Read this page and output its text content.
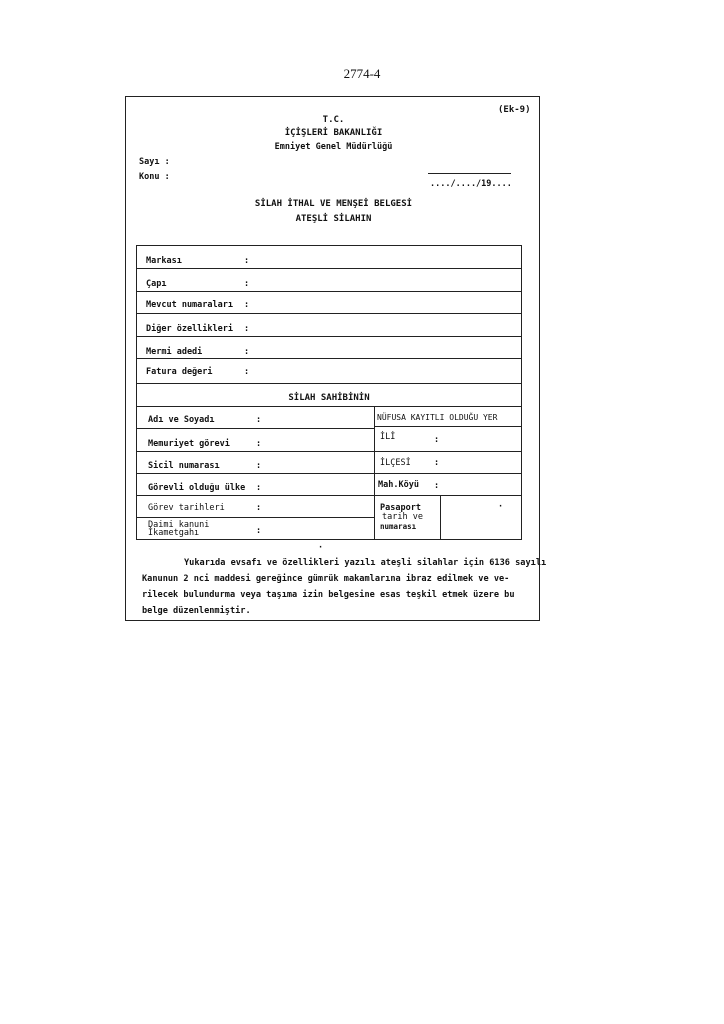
2774-4
(Ek-9)
T.C.
İÇİŞLERİ BAKANLIĞI
Emniyet Genel Müdürlüğü
Sayı :
Konu :
..../..../19....
SİLAH İTHAL VE MENŞEİ BELGESİ
ATEŞLİ SİLAHIN
Markası	:
Çapı	:
Mevcut numaraları :
Diğer özellikleri :
Mermi adedi	:
Fatura değeri	:
SİLAH SAHİBİNİN
Adı ve Soyadı	:
Memuriyet görevi	:
Sicil numarası	:
Görevli olduğu ülke :
Görev tarihleri	:
Daimi kanuni
İkametgahı	:
NÜFUSA KAYITLI OLDUĞU YER
İLİ	:
İLÇESİ	:
Mah.Köyü :
Pasaport
tarih ve
numarası
·
·
Yukarıda evsafı ve özellikleri yazılı ateşli silahlar için 6136 sayılı
Kanunun 2 nci maddesi gereğince gümrük makamlarına ibraz edilmek ve ve-
rilecek bulundurma veya taşıma izin belgesine esas teşkil etmek üzere bu
belge düzenlenmiştir.
